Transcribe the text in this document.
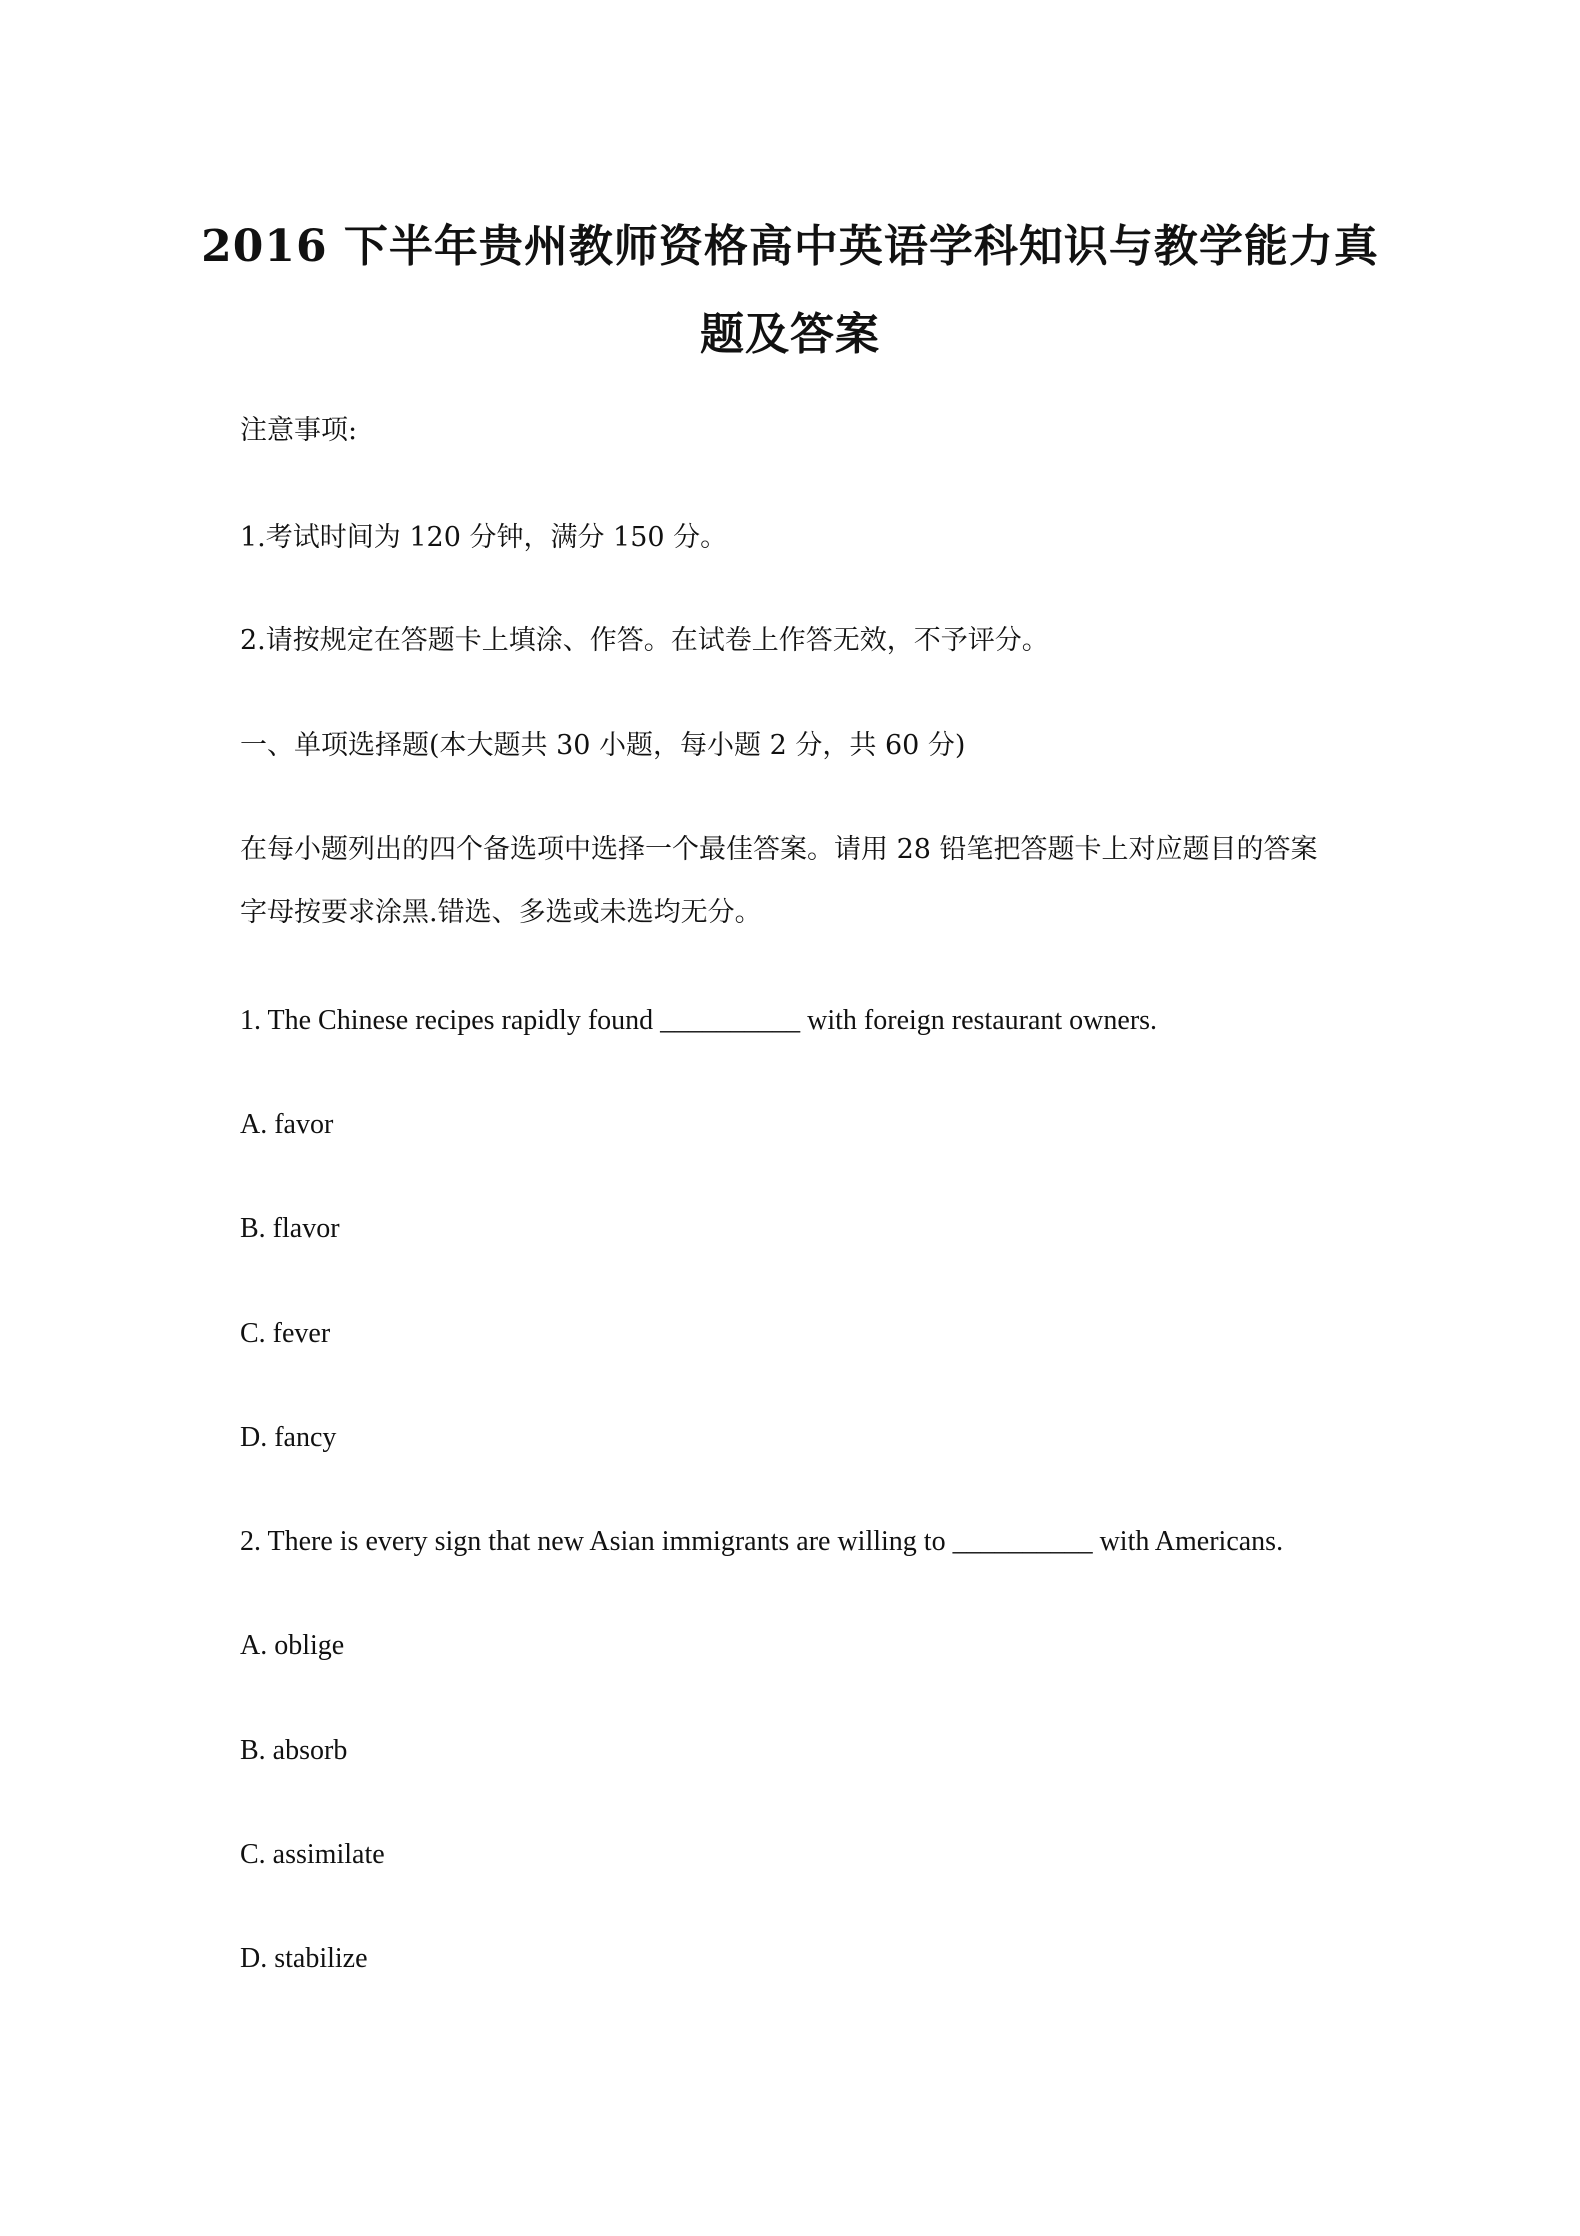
2016 下半年贵州教师资格高中英语学科知识与教学能力真
题及答案

注意事项:

1.考试时间为 120 分钟，满分 150 分。

2.请按规定在答题卡上填涂、作答。在试卷上作答无效，不予评分。

一、单项选择题(本大题共 30 小题，每小题 2 分，共 60 分)

在每小题列出的四个备选项中选择一个最佳答案。请用 28 铅笔把答题卡上对应题目的答案

字母按要求涂黑.错选、多选或未选均无分。

1. The Chinese recipes rapidly found __________ with foreign restaurant owners.

A. favor

B. flavor

C. fever

D. fancy

2. There is every sign that new Asian immigrants are willing to __________ with Americans.

A. oblige

B. absorb

C. assimilate

D. stabilize
